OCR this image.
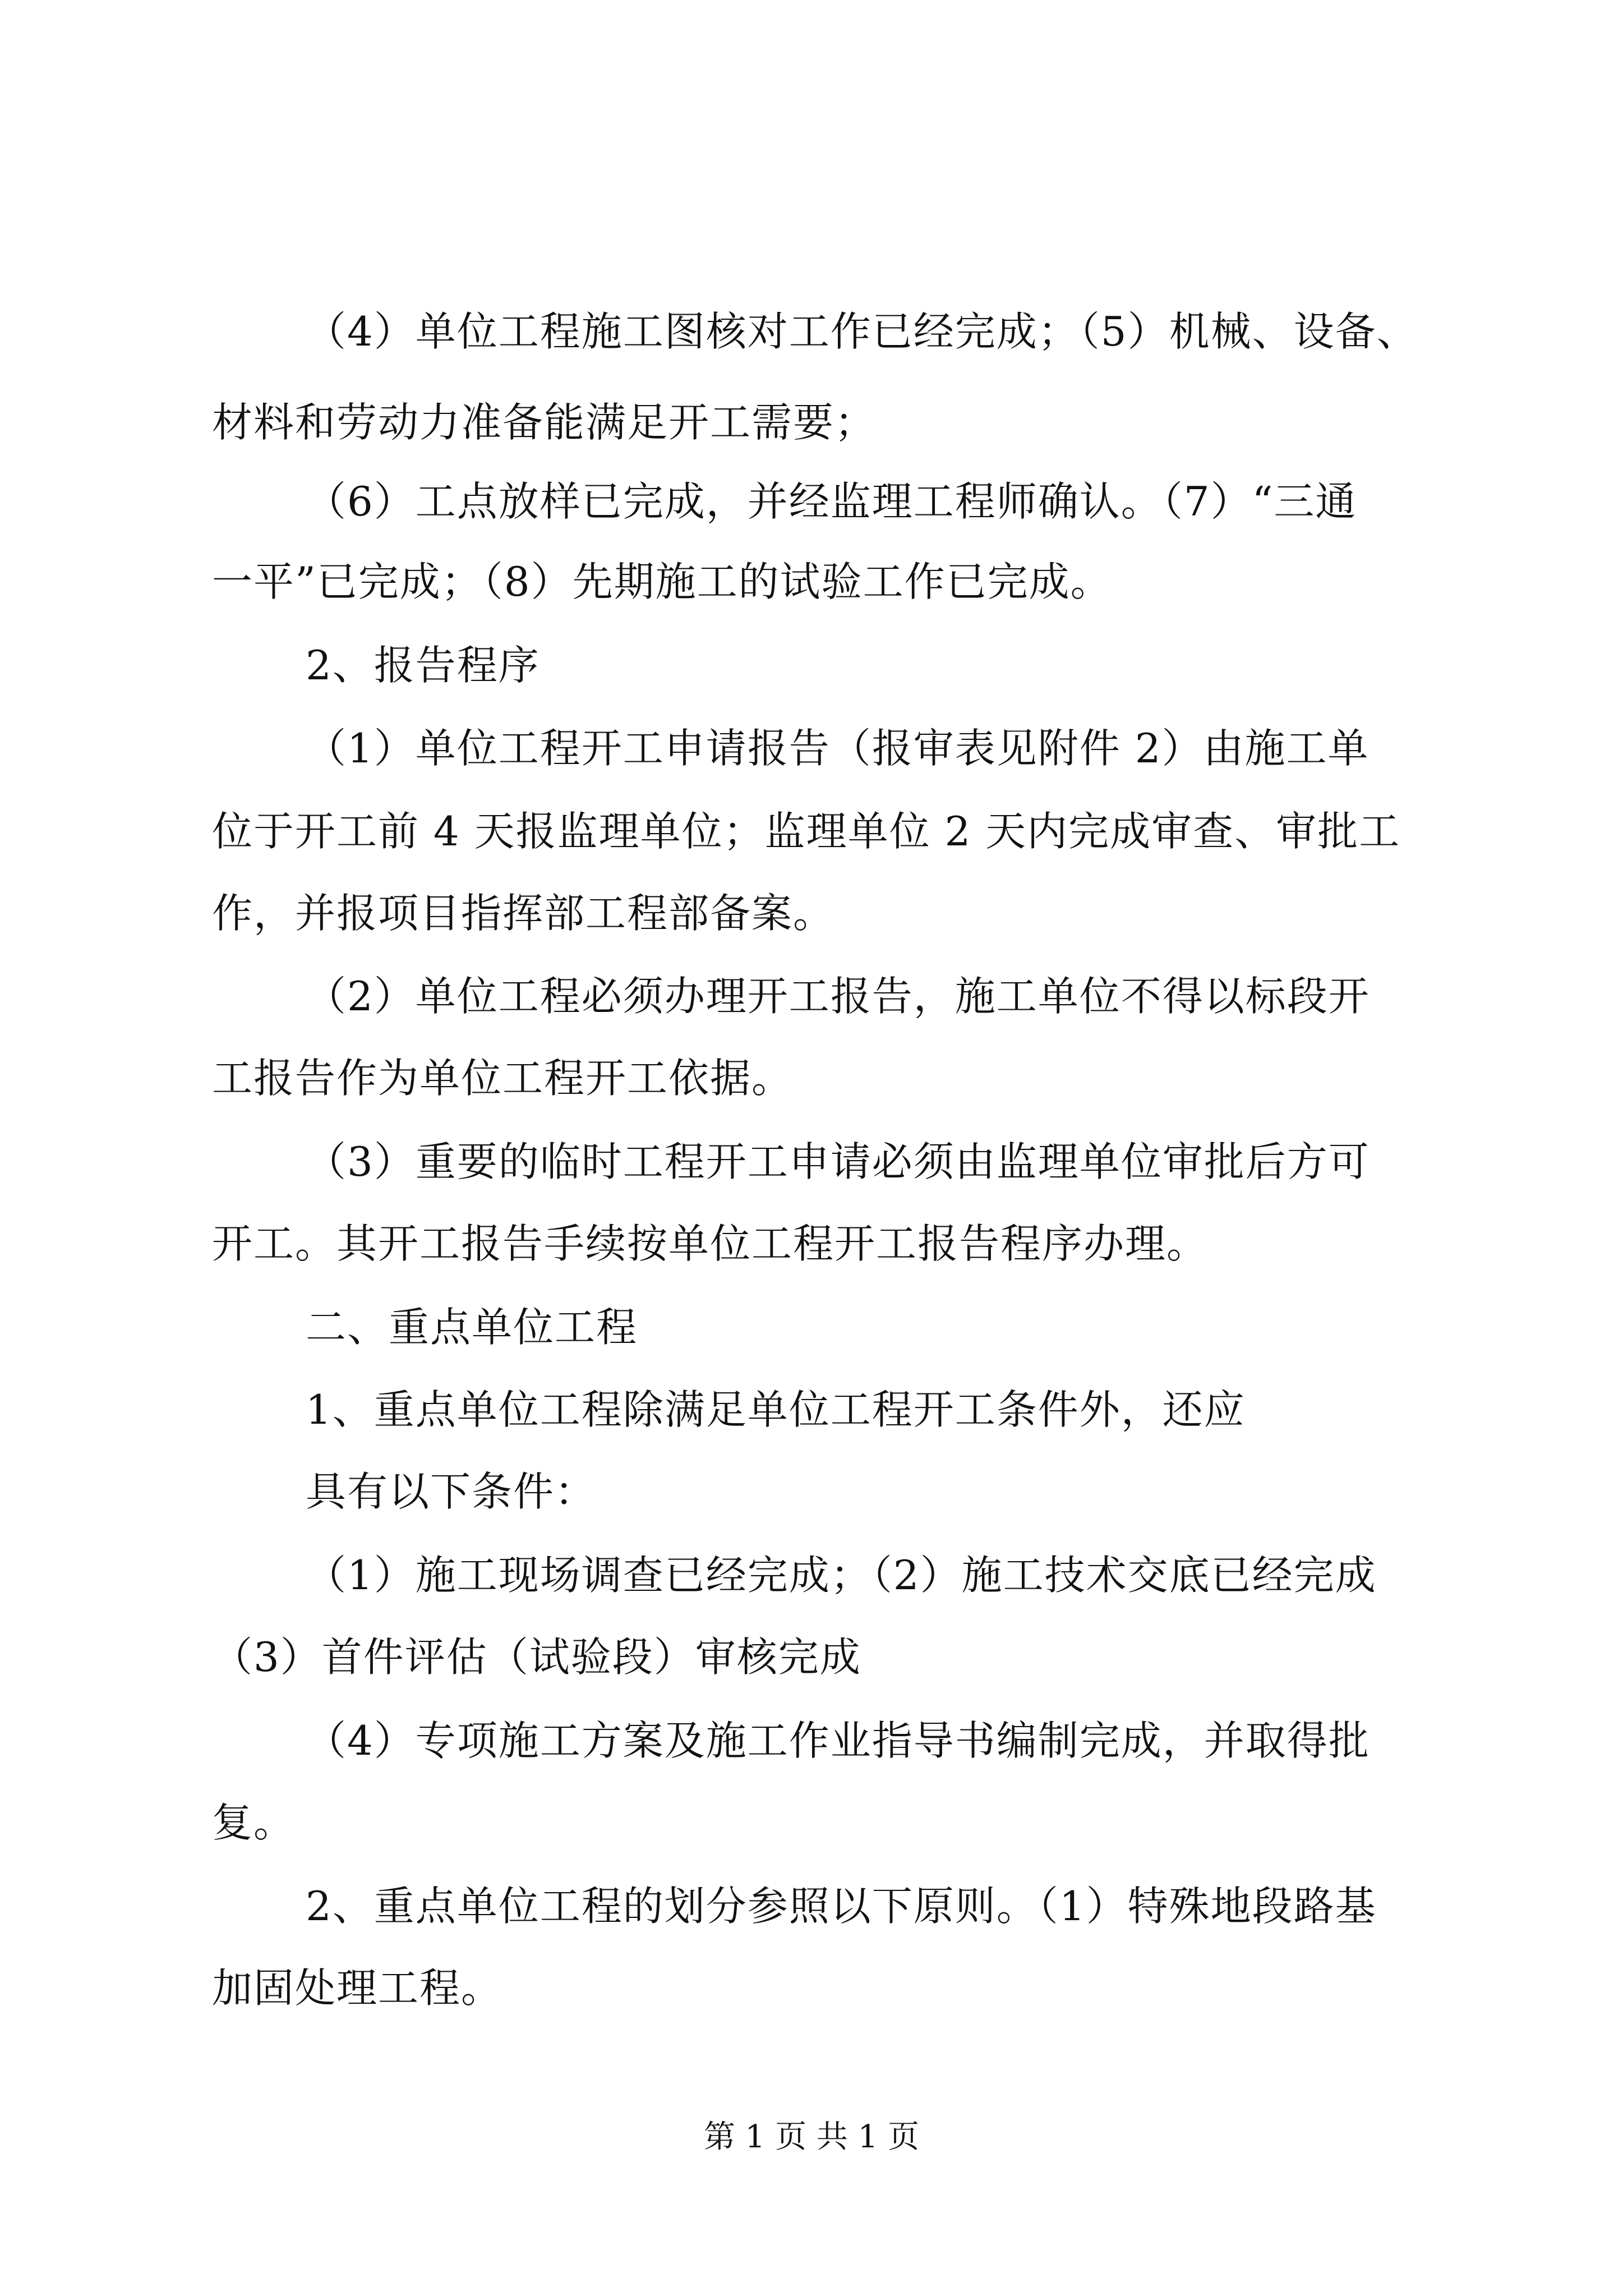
（4）单位工程施工图核对工作已经完成；（5）机械、设备、
材料和劳动力准备能满足开工需要；
（6）工点放样已完成，并经监理工程师确认。（7）“三通
一平”已完成；（8）先期施工的试验工作已完成。
2、报告程序
（1）单位工程开工申请报告（报审表见附件 2）由施工单
位于开工前 4 天报监理单位；监理单位 2 天内完成审查、审批工
作，并报项目指挥部工程部备案。
（2）单位工程必须办理开工报告，施工单位不得以标段开
工报告作为单位工程开工依据。
（3）重要的临时工程开工申请必须由监理单位审批后方可
开工。其开工报告手续按单位工程开工报告程序办理。
二、重点单位工程
1、重点单位工程除满足单位工程开工条件外，还应
具有以下条件：
（1）施工现场调查已经完成；（2）施工技术交底已经完成
（3）首件评估（试验段）审核完成
（4）专项施工方案及施工作业指导书编制完成，并取得批
复。
2、重点单位工程的划分参照以下原则。（1）特殊地段路基
加固处理工程。
第 1 页 共 1 页
